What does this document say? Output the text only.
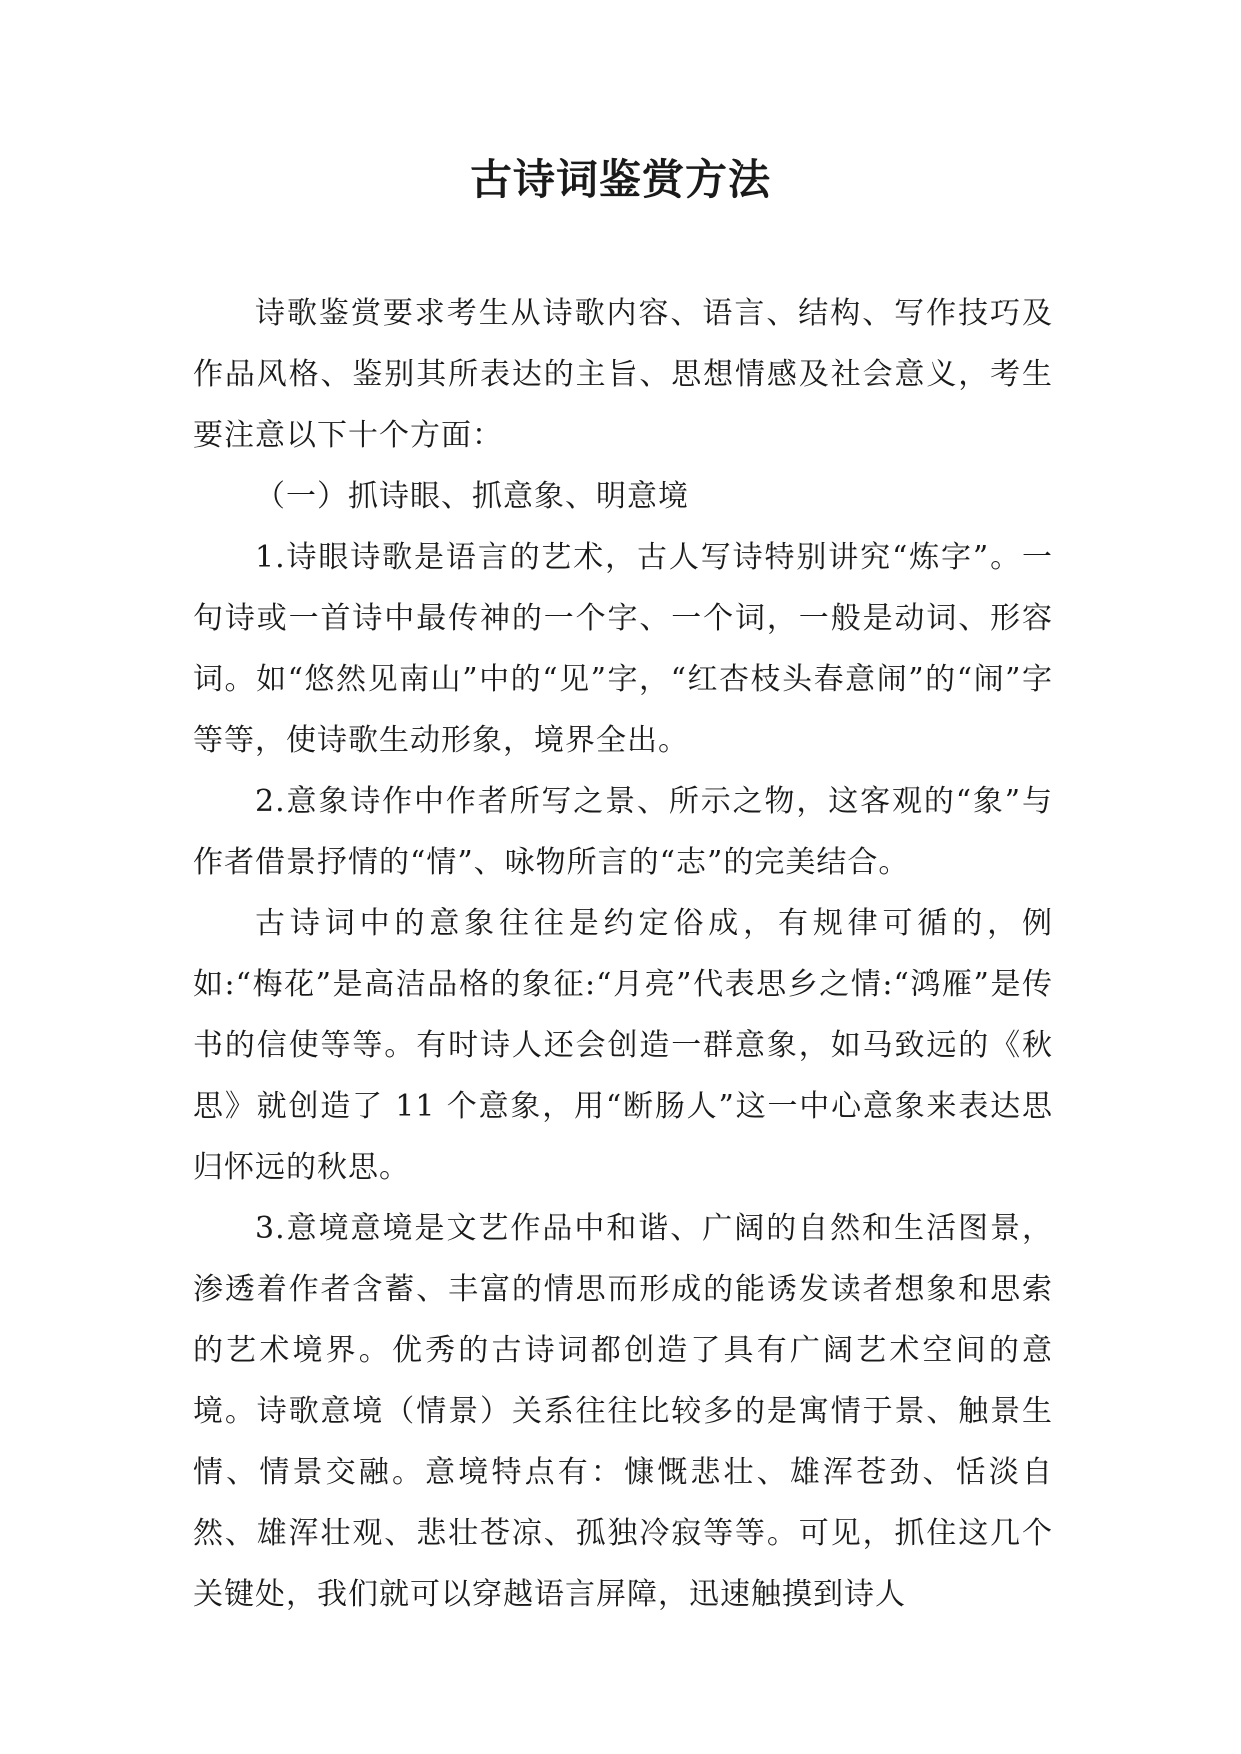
古诗词鉴赏方法

诗歌鉴赏要求考生从诗歌内容、语言、结构、写作技巧及作品风格、鉴别其所表达的主旨、思想情感及社会意义，考生要注意以下十个方面：

（一）抓诗眼、抓意象、明意境

1.诗眼诗歌是语言的艺术，古人写诗特别讲究“炼字”。一句诗或一首诗中最传神的一个字、一个词，一般是动词、形容词。如“悠然见南山”中的“见”字，“红杏枝头春意闹”的“闹”字等等，使诗歌生动形象，境界全出。

2.意象诗作中作者所写之景、所示之物，这客观的“象”与作者借景抒情的“情”、咏物所言的“志”的完美结合。

古诗词中的意象往往是约定俗成，有规律可循的，例如:“梅花”是高洁品格的象征:“月亮”代表思乡之情:“鸿雁”是传书的信使等等。有时诗人还会创造一群意象，如马致远的《秋思》就创造了 11 个意象，用“断肠人”这一中心意象来表达思归怀远的秋思。

3.意境意境是文艺作品中和谐、广阔的自然和生活图景，渗透着作者含蓄、丰富的情思而形成的能诱发读者想象和思索的艺术境界。优秀的古诗词都创造了具有广阔艺术空间的意境。诗歌意境（情景）关系往往比较多的是寓情于景、触景生情、情景交融。意境特点有：慷慨悲壮、雄浑苍劲、恬淡自然、雄浑壮观、悲壮苍凉、孤独冷寂等等。可见，抓住这几个关键处，我们就可以穿越语言屏障，迅速触摸到诗人
